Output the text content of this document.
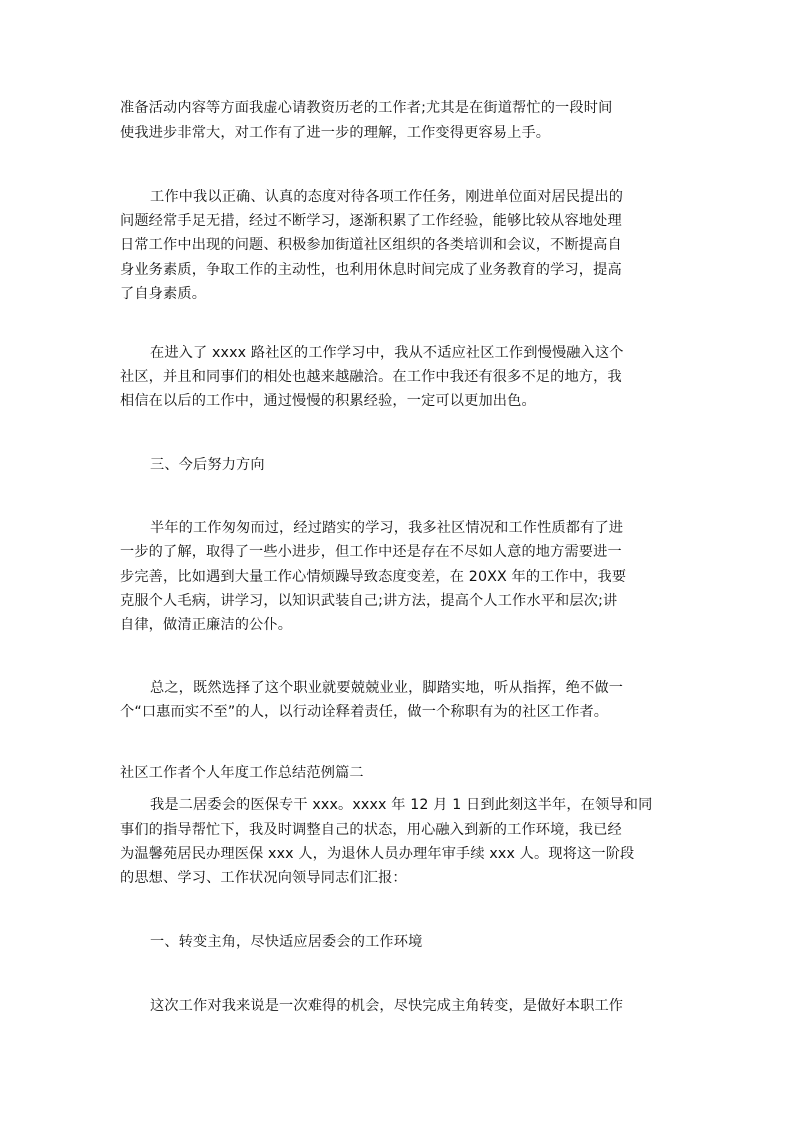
准备活动内容等方面我虚心请教资历老的工作者;尤其是在街道帮忙的一段时间
使我进步非常大，对工作有了进一步的理解，工作变得更容易上手。
工作中我以正确、认真的态度对待各项工作任务，刚进单位面对居民提出的
问题经常手足无措，经过不断学习，逐渐积累了工作经验，能够比较从容地处理
日常工作中出现的问题、积极参加街道社区组织的各类培训和会议，不断提高自
身业务素质，争取工作的主动性，也利用休息时间完成了业务教育的学习，提高
了自身素质。
在进入了 xxxx 路社区的工作学习中，我从不适应社区工作到慢慢融入这个
社区，并且和同事们的相处也越来越融洽。在工作中我还有很多不足的地方，我
相信在以后的工作中，通过慢慢的积累经验，一定可以更加出色。
三、今后努力方向
半年的工作匆匆而过，经过踏实的学习，我多社区情况和工作性质都有了进
一步的了解，取得了一些小进步，但工作中还是存在不尽如人意的地方需要进一
步完善，比如遇到大量工作心情烦躁导致态度变差，在 20XX 年的工作中，我要
克服个人毛病，讲学习，以知识武装自己;讲方法，提高个人工作水平和层次;讲
自律，做清正廉洁的公仆。
总之，既然选择了这个职业就要兢兢业业，脚踏实地，听从指挥，绝不做一
个“口惠而实不至”的人，以行动诠释着责任，做一个称职有为的社区工作者。
社区工作者个人年度工作总结范例篇二
我是二居委会的医保专干 xxx。xxxx 年 12 月 1 日到此刻这半年，在领导和同
事们的指导帮忙下，我及时调整自己的状态，用心融入到新的工作环境，我已经
为温馨苑居民办理医保 xxx 人，为退休人员办理年审手续 xxx 人。现将这一阶段
的思想、学习、工作状况向领导同志们汇报：
一、转变主角，尽快适应居委会的工作环境
这次工作对我来说是一次难得的机会，尽快完成主角转变，是做好本职工作
